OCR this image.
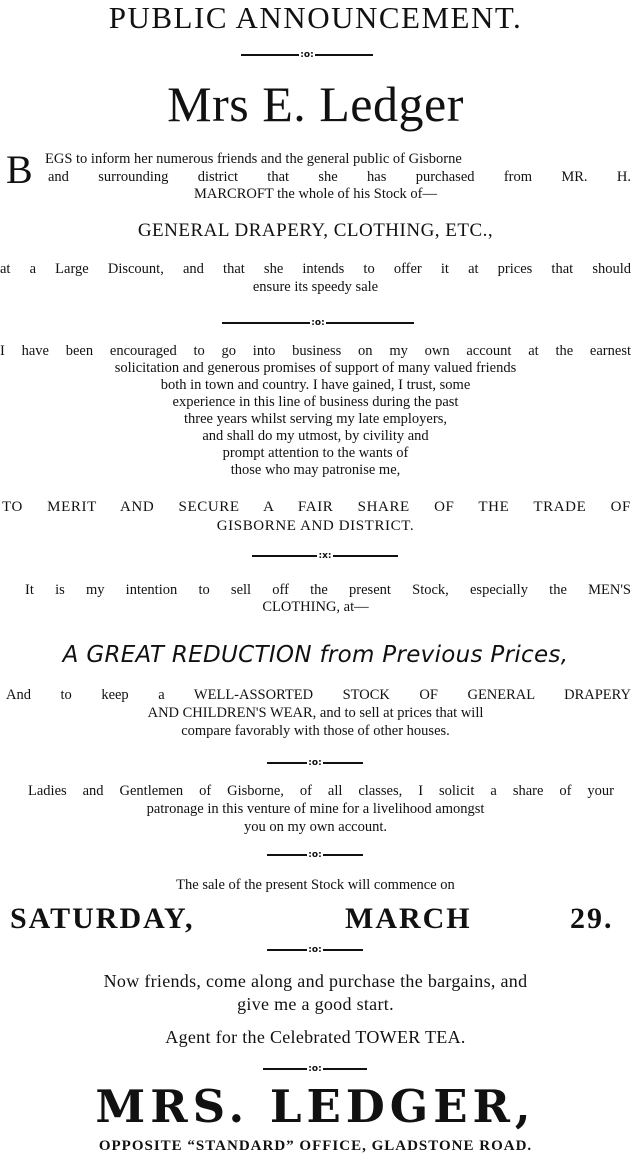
PUBLIC ANNOUNCEMENT.
:o:
Mrs E. Ledger
B EGS to inform her numerous friends and the general public of Gisborne
and surrounding district that she has purchased from MR. H.
MARCROFT the whole of his Stock of—
GENERAL DRAPERY, CLOTHING, ETC.,
at a Large Discount, and that she intends to offer it at prices that should
ensure its speedy sale
:o:
I have been encouraged to go into business on my own account at the earnest
solicitation and generous promises of support of many valued friends
both in town and country. I have gained, I trust, some
experience in this line of business during the past
three years whilst serving my late employers,
and shall do my utmost, by civility and
prompt attention to the wants of
those who may patronise me,
TO MERIT AND SECURE A FAIR SHARE OF THE TRADE OF
GISBORNE AND DISTRICT.
:x:
It is my intention to sell off the present Stock, especially the MEN'S
CLOTHING, at—
A GREAT REDUCTION from Previous Prices,
And to keep a WELL-ASSORTED STOCK OF GENERAL DRAPERY
AND CHILDREN'S WEAR, and to sell at prices that will
compare favorably with those of other houses.
:o:
Ladies and Gentlemen of Gisborne, of all classes, I solicit a share of your
patronage in this venture of mine for a livelihood amongst
you on my own account.
:o:
The sale of the present Stock will commence on
SATURDAY,	MARCH	29.
:o:
Now friends, come along and purchase the bargains, and
give me a good start.
Agent for the Celebrated TOWER TEA.
:o:
MRS. LEDGER,
OPPOSITE “STANDARD” OFFICE, GLADSTONE ROAD.
